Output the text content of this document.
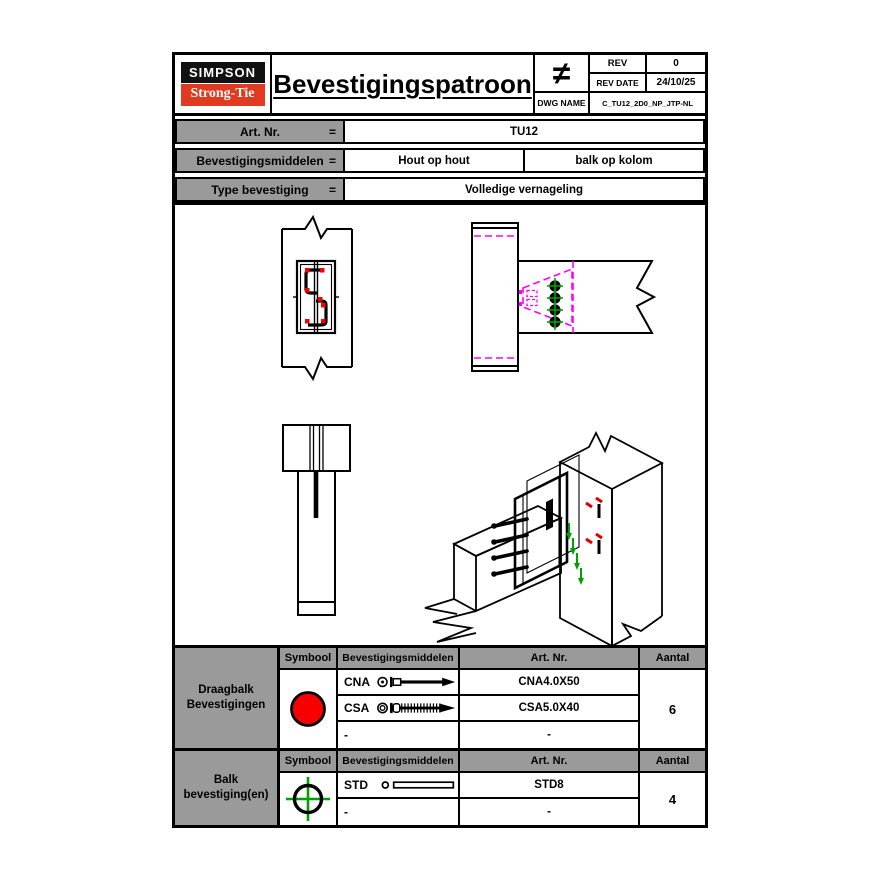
SIMPSON
Strong-Tie Bevestigingspatroon ≠	REV	0
REV DATE	24/10/25
DWG NAME	C_TU12_2D0_NP_JTP-NL
Art. Nr.	=	TU12
Bevestigingsmiddelen =	Hout op hout	balk op kolom
Type bevestiging =	Volledige vernageling
Draagbalk
Bevestigingen
Symbool	Bevestigingsmiddelen	Art. Nr.	Aantal
CNA	CNA4.0X50
CSA	CSA5.0X40
-	-
6
Balk
bevestiging(en)
Symbool	Bevestigingsmiddelen	Art. Nr.	Aantal
STD	STD8
-	-
4
